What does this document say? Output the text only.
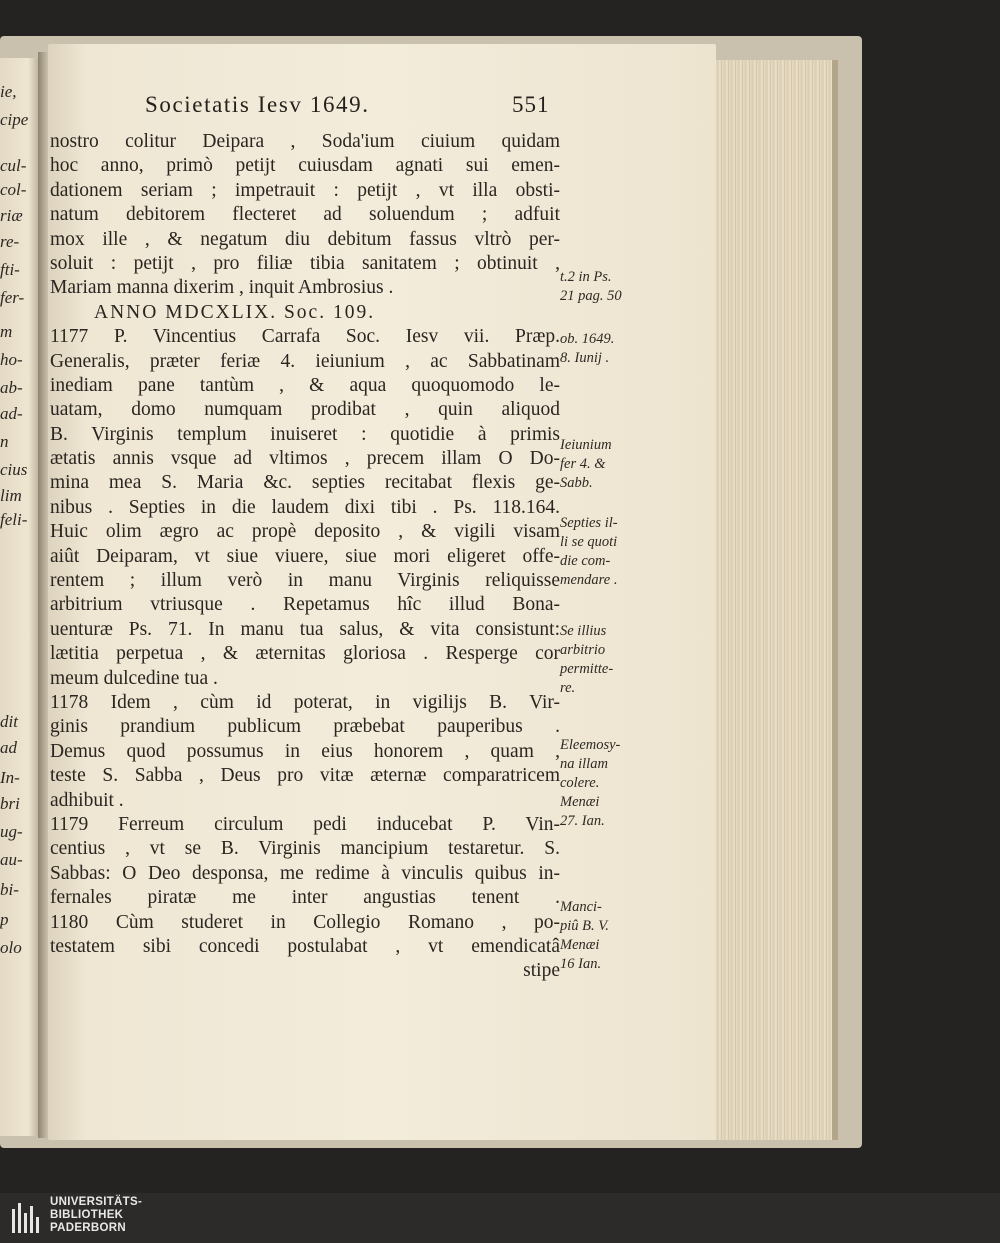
ie,
cipe
cul-
col-
riæ
re-
fti-
fer-
m
ho-
ab-
ad-
n
cius
lim
feli-
dit
ad
In-
bri
ug-
au-
bi-
p
olo
Societatis Iesv 1649.	551
nostro colitur Deipara , Soda'ium ciuium quidam
hoc anno, primò petijt cuiusdam agnati sui emen-
dationem seriam ; impetrauit : petijt , vt illa obsti-
natum debitorem flecteret ad soluendum ; adfuit
mox ille , & negatum diu debitum fassus vltrò per-
soluit : petijt , pro filiæ tibia sanitatem ; obtinuit ,
Mariam manna dixerim , inquit Ambrosius .
ANNO MDCXLIX. Soc. 109.
1177 P. Vincentius Carrafa Soc. Iesv vii. Præp.
Generalis, præter feriæ 4. ieiunium , ac Sabbatinam
inediam pane tantùm , & aqua quoquomodo le-
uatam, domo numquam prodibat , quin aliquod
B. Virginis templum inuiseret : quotidie à primis
ætatis annis vsque ad vltimos , precem illam O Do-
mina mea S. Maria &c. septies recitabat flexis ge-
nibus . Septies in die laudem dixi tibi . Ps. 118.164.
Huic olim ægro ac propè deposito , & vigili visam
aiût Deiparam, vt siue viuere, siue mori eligeret offe-
rentem ; illum verò in manu Virginis reliquisse
arbitrium vtriusque . Repetamus hîc illud Bona-
uenturæ Ps. 71. In manu tua salus, & vita consistunt:
lætitia perpetua , & æternitas gloriosa . Resperge cor
meum dulcedine tua .
1178 Idem , cùm id poterat, in vigilijs B. Vir-
ginis prandium publicum præbebat pauperibus .
Demus quod possumus in eius honorem , quam ,
teste S. Sabba , Deus pro vitæ æternæ comparatricem
adhibuit .
1179 Ferreum circulum pedi inducebat P. Vin-
centius , vt se B. Virginis mancipium testaretur. S.
Sabbas: O Deo desponsa, me redime à vinculis quibus in-
fernales piratæ me inter angustias tenent .
1180 Cùm studeret in Collegio Romano , po-
testatem sibi concedi postulabat , vt emendicatâ
stipe
t.2 in Ps.
21 pag. 50
ob. 1649.
8. Iunij .
Ieiunium
fer 4. &
Sabb.
Septies il-
li se quoti
die com-
mendare .
Se illius
arbitrio
permitte-
re.
Eleemosy-
na illam
colere.
Menæi
27. Ian.
Manci-
piû B. V.
Menæi
16 Ian.
UNIVERSITÄTS-
BIBLIOTHEK
PADERBORN
